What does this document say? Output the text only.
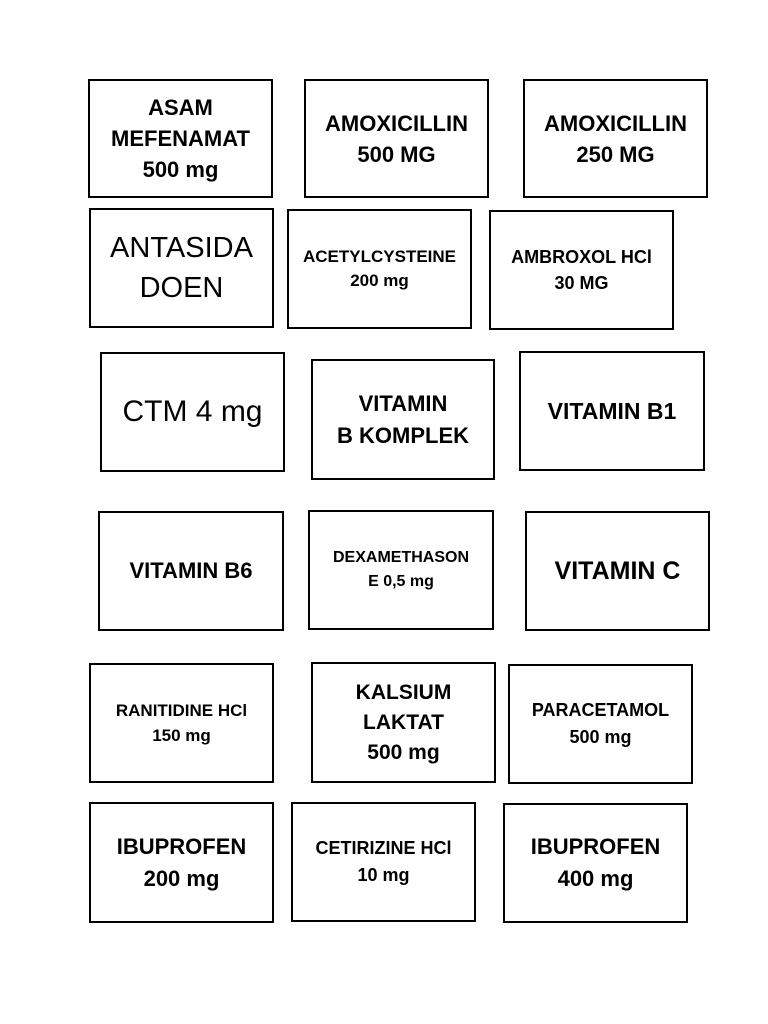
ASAM
MEFENAMAT
500 mg
AMOXICILLIN
500 MG
AMOXICILLIN
250 MG
ANTASIDA
DOEN
ACETYLCYSTEINE
200 mg
AMBROXOL HCl
30 MG
CTM 4 mg	VITAMIN
B KOMPLEK
VITAMIN B1
VITAMIN B6
DEXAMETHASON
E 0,5 mg	VITAMIN C
RANITIDINE HCl
150 mg
KALSIUM
LAKTAT
500 mg
PARACETAMOL
500 mg
IBUPROFEN
200 mg
CETIRIZINE HCl
10 mg
IBUPROFEN
400 mg
